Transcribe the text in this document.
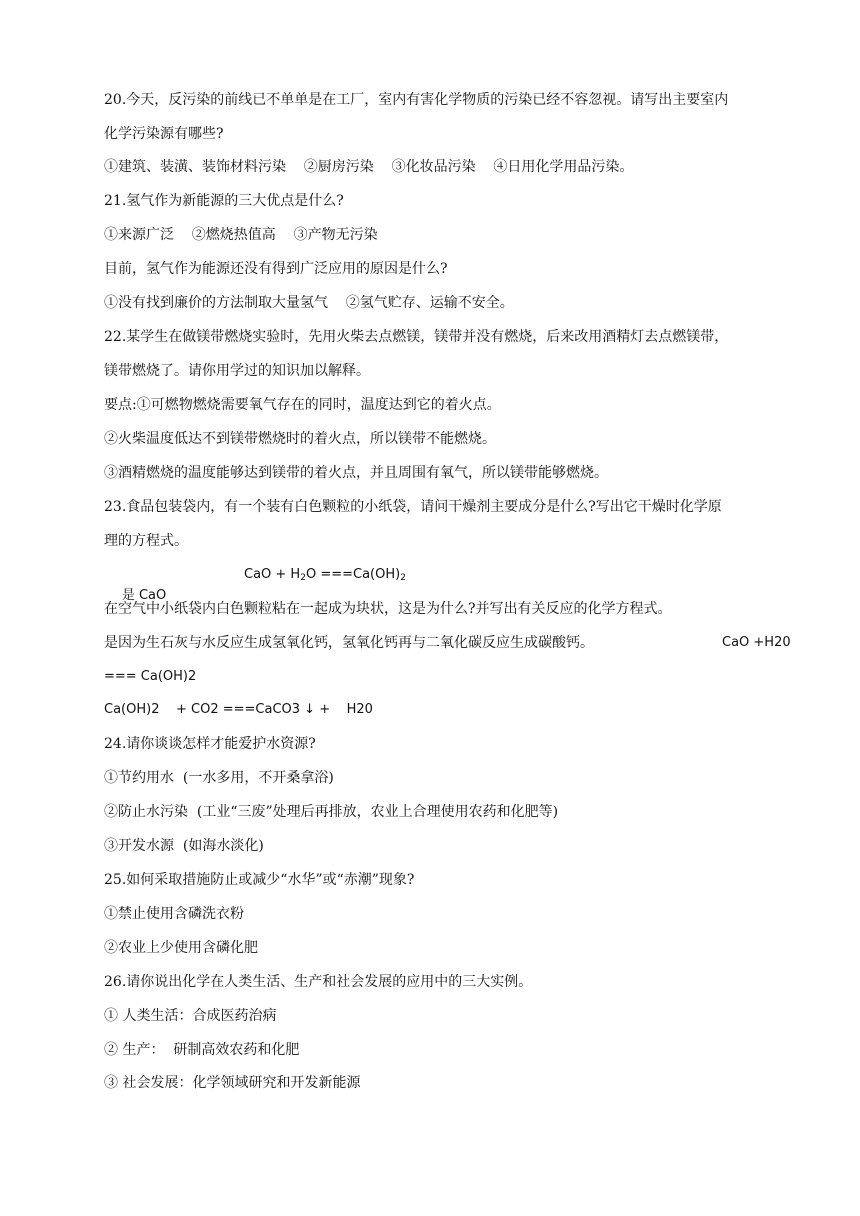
20.今天，反污染的前线已不单单是在工厂，室内有害化学物质的污染已经不容忽视。请写出主要室内
化学污染源有哪些?
①建筑、装潢、装饰材料污染    ②厨房污染    ③化妆品污染    ④日用化学用品污染。
21.氢气作为新能源的三大优点是什么?
①来源广泛    ②燃烧热值高    ③产物无污染
目前，氢气作为能源还没有得到广泛应用的原因是什么?
①没有找到廉价的方法制取大量氢气    ②氢气贮存、运输不安全。
22.某学生在做镁带燃烧实验时，先用火柴去点燃镁，镁带并没有燃烧，后来改用酒精灯去点燃镁带，
镁带燃烧了。请你用学过的知识加以解释。
要点:①可燃物燃烧需要氧气存在的同时，温度达到它的着火点。
②火柴温度低达不到镁带燃烧时的着火点，所以镁带不能燃烧。
③酒精燃烧的温度能够达到镁带的着火点，并且周围有氧气，所以镁带能够燃烧。
23.食品包装袋内，有一个装有白色颗粒的小纸袋，请问干燥剂主要成分是什么?写出它干燥时化学原
理的方程式。

是 CaO

CaO + $H_2O ===Ca(OH)_2$
在空气中小纸袋内白色颗粒粘在一起成为块状，这是为什么?并写出有关反应的化学方程式。
是因为生石灰与水反应生成氢氧化钙，氢氧化钙再与二氧化碳反应生成碳酸钙。	CaO +H20
=== Ca(OH)2
Ca(OH)2    + CO2 ===CaCO3 ↓ +    H20
24.请你谈谈怎样才能爱护水资源?
①节约用水  (一水多用，不开桑拿浴)
②防止水污染  (工业“三废”处理后再排放，农业上合理使用农药和化肥等)
③开发水源  (如海水淡化)
25.如何采取措施防止或减少“水华”或“赤潮”现象?
①禁止使用含磷洗衣粉
②农业上少使用含磷化肥
26.请你说出化学在人类生活、生产和社会发展的应用中的三大实例。
① 人类生活：合成医药治病
② 生产：  研制高效农药和化肥
③ 社会发展：化学领域研究和开发新能源
